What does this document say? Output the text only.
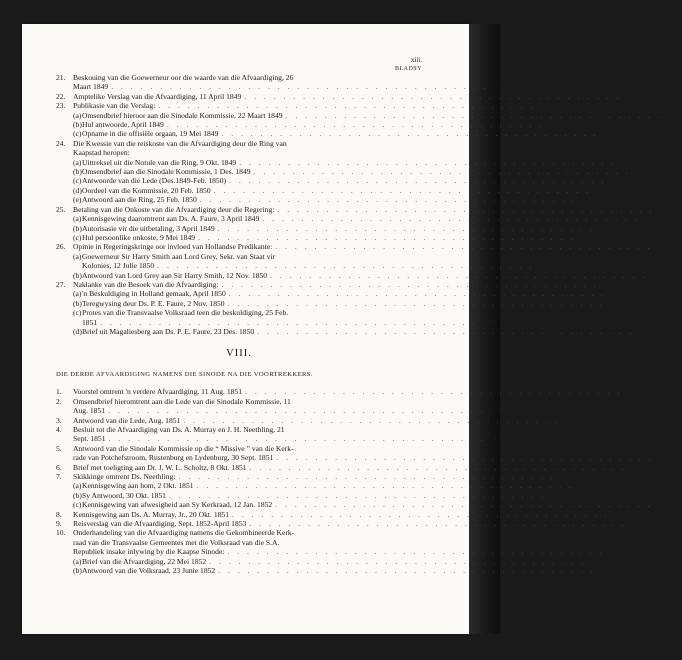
xiii.
BLADSY
21. Beskouing van die Goewerneur oor die waarde van die Afvaardiging, 26
Maart 1849 . . . . . . . . . . . . . . . . . . . . . . . . . . . . . . . . . . . . . . .	151
22. Amptelike Verslag van die Afvaardiging, 11 April 1849 . . . . . . . . . . . . . . . . . . . . . . . . . . . . . . . . . . . . . . .	152
23. Publikasie van die Verslag: . . . . . . . . . . . . . . . . . . . . . . . . . . . . . . . . . . . . . . .	152
(a) Omsendbrief hieroor aan die Sinodale Kommissie, 22 Maart 1849 . . . . . . . . . . . . . . . . . . . . . . . . . . . . . . . . . . . . . . .	152
(b) Hul antwoorde, April 1849 . . . . . . . . . . . . . . . . . . . . . . . . . . . . . . . . . . . . . . .	152
(c) Opname in die offisiële orgaan, 19 Mei 1849 . . . . . . . . . . . . . . . . . . . . . . . . . . . . . . . . . . . . . . .	153
24. Die Kwessie van die reiskoste van die Afvaardiging deur die Ring van
Kaapstad heropen:
(a) Uittreksel uit die Notule van die Ring, 9 Okt. 1849 . . . . . . . . . . . . . . . . . . . . . . . . . . . . . . . . . . . . . . .	153
(b) Omsendbrief aan die Sinodale Kommissie, 1 Des. 1849 . . . . . . . . . . . . . . . . . . . . . . . . . . . . . . . . . . . . . . .	153
(c) Antwoorde van die Lede (Des.1849-Feb. 1850) . . . . . . . . . . . . . . . . . . . . . . . . . . . . . . . . . . . . . . .	154
(d) Oordeel van die Kommissie, 20 Feb. 1850 . . . . . . . . . . . . . . . . . . . . . . . . . . . . . . . . . . . . . . .	158
(e) Antwoord aan die Ring, 25 Feb. 1850 . . . . . . . . . . . . . . . . . . . . . . . . . . . . . . . . . . . . . . .	158
25. Betaling van die Onkoste van die Afvaardiging deur die Regering: . . . . . . . . . . . . . . . . . . . . . . . . . . . . . . . . . . . . . . .	159
(a) Kennisgewing daaromtrent aan Ds. A. Faure, 3 April 1849 . . . . . . . . . . . . . . . . . . . . . . . . . . . . . . . . . . . . . . .	159
(b) Autorisasie vir die uitbetaling, 3 April 1849 . . . . . . . . . . . . . . . . . . . . . . . . . . . . . . . . . . . . . . .	159
(c) Hul persoonlike onkoste, 9 Mei 1849 . . . . . . . . . . . . . . . . . . . . . . . . . . . . . . . . . . . . . . .	161
26. Opinie in Regeringskringe oor invloed van Hollandse Predikante: . . . . . . . . . . . . . . . . . . . . . . . . . . . . . . . . . . . . . . .	161
(a) Goewerneur Sir Harry Smith aan Lord Grey, Sekr. van Staat vir
Kolonies, 12 Julie 1850 . . . . . . . . . . . . . . . . . . . . . . . . . . . . . . . . . . . . . . .	161
(b) Antwoord van Lord Grey aan Sir Harry Smith, 12 Nov. 1850 . . . . . . . . . . . . . . . . . . . . . . . . . . . . . . . . . . . . . . .	161
27. Naklanke van die Besoek van die Afvaardiging: . . . . . . . . . . . . . . . . . . . . . . . . . . . . . . . . . . . . . . .	161
(a) 'n Beskuldiging in Holland gemaak, April 1850 . . . . . . . . . . . . . . . . . . . . . . . . . . . . . . . . . . . . . . .	161
(b) Teregwysing deur Ds. P. E. Faure, 2 Nov. 1850 . . . . . . . . . . . . . . . . . . . . . . . . . . . . . . . . . . . . . . .	162
(c) Protes van die Transvaalse Volksraad teen die beskuldiging, 25 Feb.
1851 . . . . . . . . . . . . . . . . . . . . . . . . . . . . . . . . . . . . . . .	163
(d) Brief uit Magaliesberg aan Ds. P. E. Faure, 23 Des. 1850 . . . . . . . . . . . . . . . . . . . . . . . . . . . . . . . . . . . . . . .	165
VIII.
DIE DERDE AFVAARDIGING NAMENS DIE SINODE NA DIE VOORTREKKERS.
1.	Voorstel omtrent 'n verdere Afvaardiging, 11 Aug. 1851 . . . . . . . . . . . . . . . . . . . . . . . . . . . . . . . . . . . . . . .	168
2.	Omsendbrief hieromtrent aan die Lede van die Sinodale Kommissie, 11
Aug. 1851 . . . . . . . . . . . . . . . . . . . . . . . . . . . . . . . . . . . . . . .	170
3.	Antwoord van die Lede, Aug. 1851 . . . . . . . . . . . . . . . . . . . . . . . . . . . . . . . . . . . . . . .	171
4.	Besluit tot die Afvaardiging van Ds. A. Murray en J. H. Neethling, 21
Sept. 1851 . . . . . . . . . . . . . . . . . . . . . . . . . . . . . . . . . . . . . . .	172
5.	Antwoord van die Sinodale Kommissie op die “ Missive ” van die Kerk-
rade van Potchefstroom, Rustenburg en Lydenburg, 30 Sept. 1851 . . . . . . . . . . . . . . . . . . . . . . . . . . . . . . . . . . . . . . .	173
6.	Brief met toeligting aan Dr. J. W. L. Scholtz, 8 Okt. 1851 . . . . . . . . . . . . . . . . . . . . . . . . . . . . . . . . . . . . . . .	173
7.	Skikkinge omtrent Ds. Neethling: . . . . . . . . . . . . . . . . . . . . . . . . . . . . . . . . . . . . . . .	173
(a) Kennisgewing aan hom, 2 Okt. 1851 . . . . . . . . . . . . . . . . . . . . . . . . . . . . . . . . . . . . . . .	173
(b) Sy Antwoord, 30 Okt. 1851 . . . . . . . . . . . . . . . . . . . . . . . . . . . . . . . . . . . . . . .	174
(c) Kennisgewing van afwesigheid aan Sy Kerkraad, 12 Jan. 1852 . . . . . . . . . . . . . . . . . . . . . . . . . . . . . . . . . . . . . . .	175
8.	Kennisgewing aan Ds. A. Murray, Jr., 20 Okt. 1851 . . . . . . . . . . . . . . . . . . . . . . . . . . . . . . . . . . . . . . .	176
9.	Reisverslag van die Afvaardiging, Sept. 1852-April 1853 . . . . . . . . . . . . . . . . . . . . . . . . . . . . . . . . . . . . . . .	176
10. Onderhandeling van die Afvaardiging namens die Gekombineerde Kerk-
raad van die Transvaalse Gemeentes met die Volksraad van die S.A.
Republiek insake inlywing by die Kaapse Sinode: . . . . . . . . . . . . . . . . . . . . . . . . . . . . . . . . . . . . . . .	176
(a) Brief van die Afvaardiging, 22 Mei 1852 . . . . . . . . . . . . . . . . . . . . . . . . . . . . . . . . . . . . . . .	176
(b) Antwoord van die Volksraad, 23 Junie 1852 . . . . . . . . . . . . . . . . . . . . . . . . . . . . . . . . . . . . . . .	176
